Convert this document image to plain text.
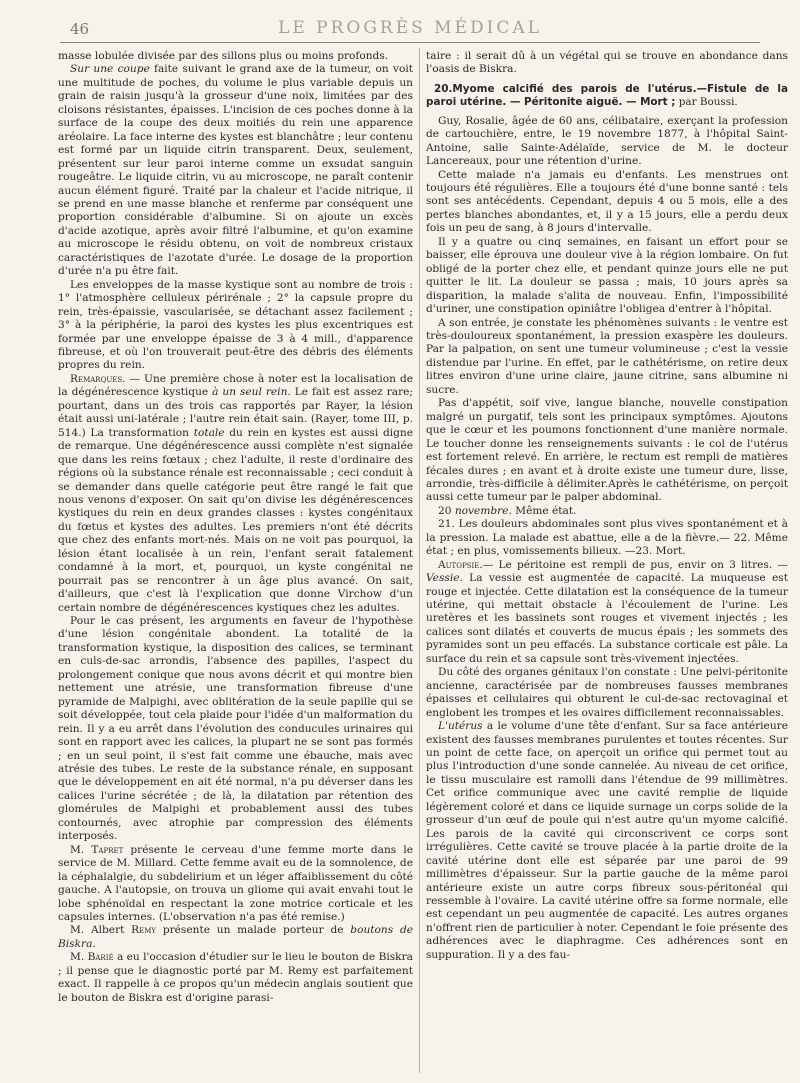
46	LE PROGRÈS MÉDICAL

masse lobulée divisée par des sillons plus ou moins profonds.

Sur une coupe faite suivant le grand axe de la tumeur, on voit une multitude de poches, du volume le plus variable depuis un grain de raisin jusqu'à la grosseur d'une noix, limitées par des cloisons résistantes, épaisses. L'incision de ces poches donne à la surface de la coupe des deux moitiés du rein une apparence aréolaire. La face interne des kystes est blanchâtre ; leur contenu est formé par un liquide citrin transparent. Deux, seulement, présentent sur leur paroi interne comme un exsudat sanguin rougeâtre. Le liquide citrin, vu au microscope, ne paraît contenir aucun élément figuré. Traité par la chaleur et l'acide nitrique, il se prend en une masse blanche et renferme par conséquent une proportion considérable d'albumine. Si on ajoute un excès d'acide azotique, après avoir filtré l'albumine, et qu'on examine au microscope le résidu obtenu, on voit de nombreux cristaux caractéristiques de l'azotate d'urée. Le dosage de la proportion d'urée n'a pu être fait.

Les enveloppes de la masse kystique sont au nombre de trois : 1° l'atmosphère celluleux périrénale ; 2° la capsule propre du rein, très-épaissie, vascularisée, se détachant assez facilement ; 3° à la périphérie, la paroi des kystes les plus excentriques est formée par une enveloppe épaisse de 3 à 4 mill., d'apparence fibreuse, et où l'on trouverait peut-être des débris des éléments propres du rein.

Remarques. — Une première chose à noter est la localisation de la dégénérescence kystique à un seul rein. Le fait est assez rare; pourtant, dans un des trois cas rapportés par Rayer, la lésion était aussi uni-latérale ; l'autre rein était sain. (Rayer, tome III, p. 514.) La transformation totale du rein en kystes est aussi digne de remarque. Une dégénérescence aussi complète n'est signalée que dans les reins fœtaux ; chez l'adulte, il reste d'ordinaire des régions où la substance rénale est reconnaissable ; ceci conduit à se demander dans quelle catégorie peut être rangé le fait que nous venons d'exposer. On sait qu'on divise les dégénérescences kystiques du rein en deux grandes classes : kystes congénitaux du fœtus et kystes des adultes. Les premiers n'ont été décrits que chez des enfants mort-nés. Mais on ne voit pas pourquoi, la lésion étant localisée à un rein, l'enfant serait fatalement condamné à la mort, et, pourquoi, un kyste congénital ne pourrait pas se rencontrer à un âge plus avancé. On sait, d'ailleurs, que c'est là l'explication que donne Virchow d'un certain nombre de dégénérescences kystiques chez les adultes.

Pour le cas présent, les arguments en faveur de l'hypothèse d'une lésion congénitale abondent. La totalité de la transformation kystique, la disposition des calices, se terminant en culs-de-sac arrondis, l'absence des papilles, l'aspect du prolongement conique que nous avons décrit et qui montre bien nettement une atrésie, une transformation fibreuse d'une pyramide de Malpighi, avec oblitération de la seule papille qui se soit développée, tout cela plaide pour l'idée d'un malformation du rein. Il y a eu arrêt dans l'évolution des conducules urinaires qui sont en rapport avec les calices, la plupart ne se sont pas formés ; en un seul point, il s'est fait comme une ébauche, mais avec atrésie des tubes. Le reste de la substance rénale, en supposant que le développement en ait été normal, n'a pu déverser dans les calices l'urine sécrétée ; de là, la dilatation par rétention des glomérules de Malpighi et probablement aussi des tubes contournés, avec atrophie par compression des éléments interposés.

M. Tapret présente le cerveau d'une femme morte dans le service de M. Millard. Cette femme avait eu de la somnolence, de la céphalalgie, du subdelirium et un léger affaiblissement du côté gauche. A l'autopsie, on trouva un gliome qui avait envahi tout le lobe sphénoïdal en respectant la zone motrice corticale et les capsules internes. (L'observation n'a pas été remise.)

M. Albert Remy présente un malade porteur de boutons de Biskra.

M. Barié a eu l'occasion d'étudier sur le lieu le bouton de Biskra ; il pense que le diagnostic porté par M. Remy est parfaitement exact. Il rappelle à ce propos qu'un médecin anglais soutient que le bouton de Biskra est d'origine parasi-

taire : il serait dû à un végétal qui se trouve en abondance dans l'oasis de Biskra.

20.Myome calcifié des parois de l'utérus.—Fistule de la paroi utérine. — Péritonite aiguë. — Mort ; par Boussi.

Guy, Rosalie, âgée de 60 ans, célibataire, exerçant la profession de cartouchière, entre, le 19 novembre 1877, à l'hôpital Saint-Antoine, salle Sainte-Adélaïde, service de M. le docteur Lancereaux, pour une rétention d'urine.

Cette malade n'a jamais eu d'enfants. Les menstrues ont toujours été régulières. Elle a toujours été d'une bonne santé : tels sont ses antécédents. Cependant, depuis 4 ou 5 mois, elle a des pertes blanches abondantes, et, il y a 15 jours, elle a perdu deux fois un peu de sang, à 8 jours d'intervalle.

Il y a quatre ou cinq semaines, en faisant un effort pour se baisser, elle éprouva une douleur vive à la région lombaire. On fut obligé de la porter chez elle, et pendant quinze jours elle ne put quitter le lit. La douleur se passa ; mais, 10 jours après sa disparition, la malade s'alita de nouveau. Enfin, l'impossibilité d'uriner, une constipation opiniâtre l'obligea d'entrer à l'hôpital.

A son entrée, je constate les phénomènes suivants : le ventre est très-douloureux spontanément, la pression exaspère les douleurs. Par la palpation, on sent une tumeur volumineuse ; c'est la vessie distendue par l'urine. En effet, par le cathétérisme, on retire deux litres environ d'une urine claire, jaune citrine, sans albumine ni sucre.

Pas d'appétit, soif vive, langue blanche, nouvelle constipation malgré un purgatif, tels sont les principaux symptômes. Ajoutons que le cœur et les poumons fonctionnent d'une manière normale. Le toucher donne les renseignements suivants : le col de l'utérus est fortement relevé. En arrière, le rectum est rempli de matières fécales dures ; en avant et à droite existe une tumeur dure, lisse, arrondie, très-difficile à délimiter.Après le cathétérisme, on perçoit aussi cette tumeur par le palper abdominal.

20 novembre. Même état.

21. Les douleurs abdominales sont plus vives spontanément et à la pression. La malade est abattue, elle a de la fièvre.— 22. Même état ; en plus, vomissements bilieux. —23. Mort.

Autopsie.— Le péritoine est rempli de pus, envir on 3 litres. — Vessie. La vessie est augmentée de capacité. La muqueuse est rouge et injectée. Cette dilatation est la conséquence de la tumeur utérine, qui mettait obstacle à l'écoulement de l'urine. Les uretères et les bassinets sont rouges et vivement injectés ; les calices sont dilatés et couverts de mucus épais ; les sommets des pyramides sont un peu effacés. La substance corticale est pâle. La surface du rein et sa capsule sont très-vivement injectées.

Du côté des organes génitaux l'on constate : Une pelvi-péritonite ancienne, caractérisée par de nombreuses fausses membranes épaisses et cellulaires qui obturent le cul-de-sac rectovaginal et englobent les trompes et les ovaires difficilement reconnaissables.

L'utérus a le volume d'une tête d'enfant. Sur sa face antérieure existent des fausses membranes purulentes et toutes récentes. Sur un point de cette face, on aperçoit un orifice qui permet tout au plus l'introduction d'une sonde cannelée. Au niveau de cet orifice, le tissu musculaire est ramolli dans l'étendue de 99 millimètres. Cet orifice communique avec une cavité remplie de liquide légèrement coloré et dans ce liquide surnage un corps solide de la grosseur d'un œuf de poule qui n'est autre qu'un myome calcifié. Les parois de la cavité qui circonscrivent ce corps sont irrégulières. Cette cavité se trouve placée à la partie droite de la cavité utérine dont elle est séparée par une paroi de 99 millimètres d'épaisseur. Sur la partie gauche de la même paroi antérieure existe un autre corps fibreux sous-péritonéal qui ressemble à l'ovaire. La cavité utérine offre sa forme normale, elle est cependant un peu augmentée de capacité. Les autres organes n'offrent rien de particulier à noter. Cependant le foie présente des adhérences avec le diaphragme. Ces adhérences sont en suppuration. Il y a des fau-
